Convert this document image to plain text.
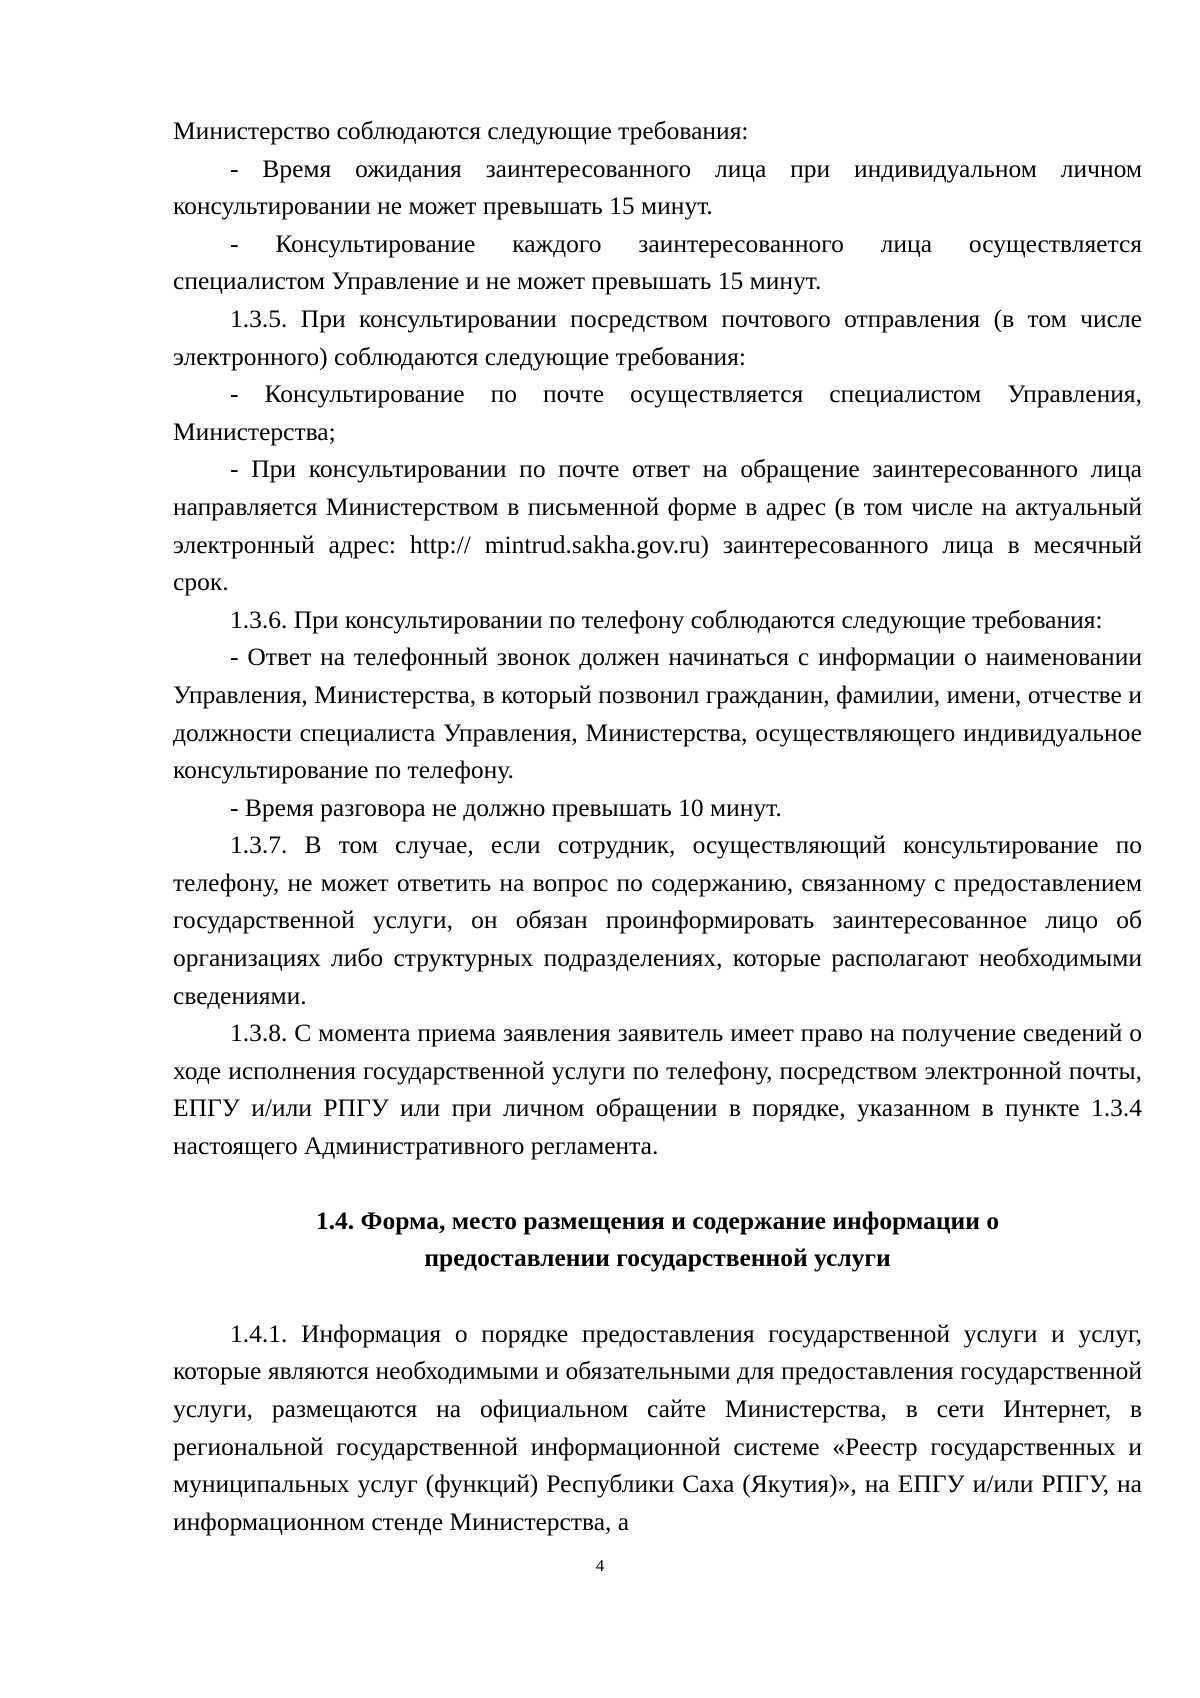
Министерство соблюдаются следующие требования:

- Время ожидания заинтересованного лица при индивидуальном личном консультировании не может превышать 15 минут.

- Консультирование каждого заинтересованного лица осуществляется специалистом Управление и не может превышать 15 минут.

1.3.5. При консультировании посредством почтового отправления (в том числе электронного) соблюдаются следующие требования:

- Консультирование по почте осуществляется специалистом Управления, Министерства;

- При консультировании по почте ответ на обращение заинтересованного лица направляется Министерством в письменной форме в адрес (в том числе на актуальный электронный адрес: http:// mintrud.sakha.gov.ru) заинтересованного лица в месячный срок.

1.3.6. При консультировании по телефону соблюдаются следующие требования:

- Ответ на телефонный звонок должен начинаться с информации о наименовании Управления, Министерства, в который позвонил гражданин, фамилии, имени, отчестве и должности специалиста Управления, Министерства, осуществляющего индивидуальное консультирование по телефону.

- Время разговора не должно превышать 10 минут.

1.3.7. В том случае, если сотрудник, осуществляющий консультирование по телефону, не может ответить на вопрос по содержанию, связанному с предоставлением государственной услуги, он обязан проинформировать заинтересованное лицо об организациях либо структурных подразделениях, которые располагают необходимыми сведениями.

1.3.8. С момента приема заявления заявитель имеет право на получение сведений о ходе исполнения государственной услуги по телефону, посредством электронной почты, ЕПГУ и/или РПГУ или при личном обращении в порядке, указанном в пункте 1.3.4 настоящего Административного регламента.

1.4. Форма, место размещения и содержание информации о
предоставлении государственной услуги

1.4.1. Информация о порядке предоставления государственной услуги и услуг, которые являются необходимыми и обязательными для предоставления государственной услуги, размещаются на официальном сайте Министерства, в сети Интернет, в региональной государственной информационной системе «Реестр государственных и муниципальных услуг (функций) Республики Саха (Якутия)», на ЕПГУ и/или РПГУ, на информационном стенде Министерства, а

4
